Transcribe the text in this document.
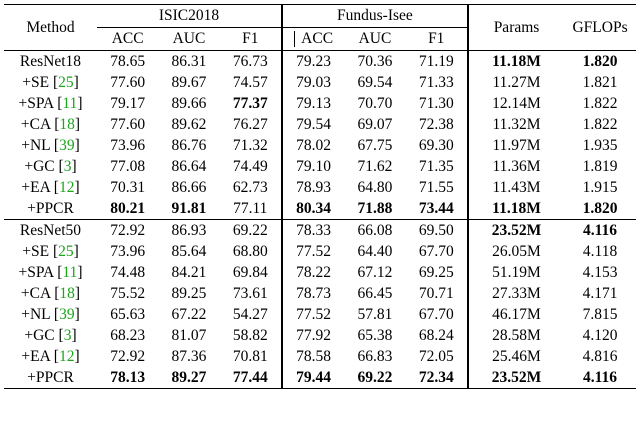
Method	ISIC2018			Fundus-Isee			Params	GFLOPs
	ACC	AUC	F1	ACC	AUC	F1		
ResNet18	78.65	86.31	76.73	79.23	70.36	71.19	11.18M	1.820
+SE [25]	77.60	89.67	74.57	79.03	69.54	71.33	11.27M	1.821
+SPA [11]	79.17	89.66	77.37	79.13	70.70	71.30	12.14M	1.822
+CA [18]	77.60	89.62	76.27	79.54	69.07	72.38	11.32M	1.822
+NL [39]	73.96	86.76	71.32	78.02	67.75	69.30	11.97M	1.935
+GC [3]	77.08	86.64	74.49	79.10	71.62	71.35	11.36M	1.819
+EA [12]	70.31	86.66	62.73	78.93	64.80	71.55	11.43M	1.915
+PPCR	80.21	91.81	77.11	80.34	71.88	73.44	11.18M	1.820
ResNet50	72.92	86.93	69.22	78.33	66.08	69.50	23.52M	4.116
+SE [25]	73.96	85.64	68.80	77.52	64.40	67.70	26.05M	4.118
+SPA [11]	74.48	84.21	69.84	78.22	67.12	69.25	51.19M	4.153
+CA [18]	75.52	89.25	73.61	78.73	66.45	70.71	27.33M	4.171
+NL [39]	65.63	67.22	54.27	77.52	57.81	67.70	46.17M	7.815
+GC [3]	68.23	81.07	58.82	77.92	65.38	68.24	28.58M	4.120
+EA [12]	72.92	87.36	70.81	78.58	66.83	72.05	25.46M	4.816
+PPCR	78.13	89.27	77.44	79.44	69.22	72.34	23.52M	4.116
